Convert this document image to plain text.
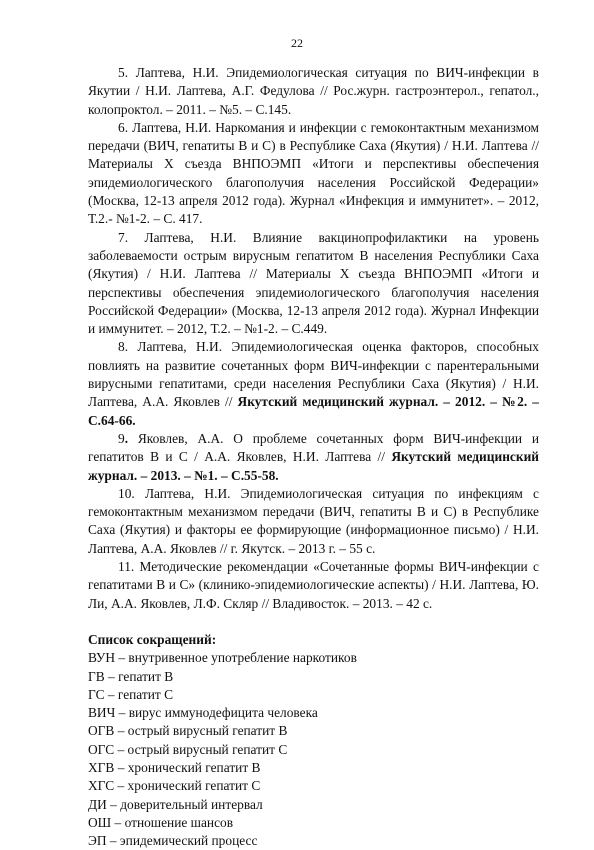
22

5. Лаптева, Н.И. Эпидемиологическая ситуация по ВИЧ-инфекции в Якутии / Н.И. Лаптева, А.Г. Федулова // Рос.журн. гастроэнтерол., гепатол., колопроктол. – 2011. – №5. – С.145.

6. Лаптева, Н.И. Наркомания и инфекции с гемоконтактным механизмом передачи (ВИЧ, гепатиты В и С) в Республике Саха (Якутия) / Н.И. Лаптева // Материалы X съезда ВНПОЭМП «Итоги и перспективы обеспечения эпидемиологического благополучия населения Российской Федерации» (Москва, 12-13 апреля 2012 года). Журнал «Инфекция и иммунитет». – 2012, Т.2.- №1-2. – С. 417.

7. Лаптева, Н.И. Влияние вакцинопрофилактики на уровень заболеваемости острым вирусным гепатитом В населения Республики Саха (Якутия) / Н.И. Лаптева // Материалы X съезда ВНПОЭМП «Итоги и перспективы обеспечения эпидемиологического благополучия населения Российской Федерации» (Москва, 12-13 апреля 2012 года). Журнал Инфекции и иммунитет. – 2012, Т.2. – №1-2. – С.449.

8. Лаптева, Н.И. Эпидемиологическая оценка факторов, способных повлиять на развитие сочетанных форм ВИЧ-инфекции с парентеральными вирусными гепатитами, среди населения Республики Саха (Якутия) / Н.И. Лаптева, А.А. Яковлев // Якутский медицинский журнал. – 2012. – №2. – С.64-66.

9. Яковлев, А.А. О проблеме сочетанных форм ВИЧ-инфекции и гепатитов В и С / А.А. Яковлев, Н.И. Лаптева // Якутский медицинский журнал. – 2013. – №1. – С.55-58.

10. Лаптева, Н.И. Эпидемиологическая ситуация по инфекциям с гемоконтактным механизмом передачи (ВИЧ, гепатиты В и С) в Республике Саха (Якутия) и факторы ее формирующие (информационное письмо) / Н.И. Лаптева, А.А. Яковлев // г. Якутск. – 2013 г. – 55 с.

11. Методические рекомендации «Сочетанные формы ВИЧ-инфекции с гепатитами В и С» (клинико-эпидемиологические аспекты) / Н.И. Лаптева, Ю. Ли, А.А. Яковлев, Л.Ф. Скляр // Владивосток. – 2013. – 42 с.

Список сокращений:

ВУН – внутривенное употребление наркотиков

ГВ – гепатит В

ГС – гепатит С

ВИЧ – вирус иммунодефицита человека

ОГВ – острый вирусный гепатит В

ОГС – острый вирусный гепатит С

ХГВ – хронический гепатит В

ХГС – хронический гепатит С

ДИ – доверительный интервал

ОШ – отношение шансов

ЭП – эпидемический процесс
